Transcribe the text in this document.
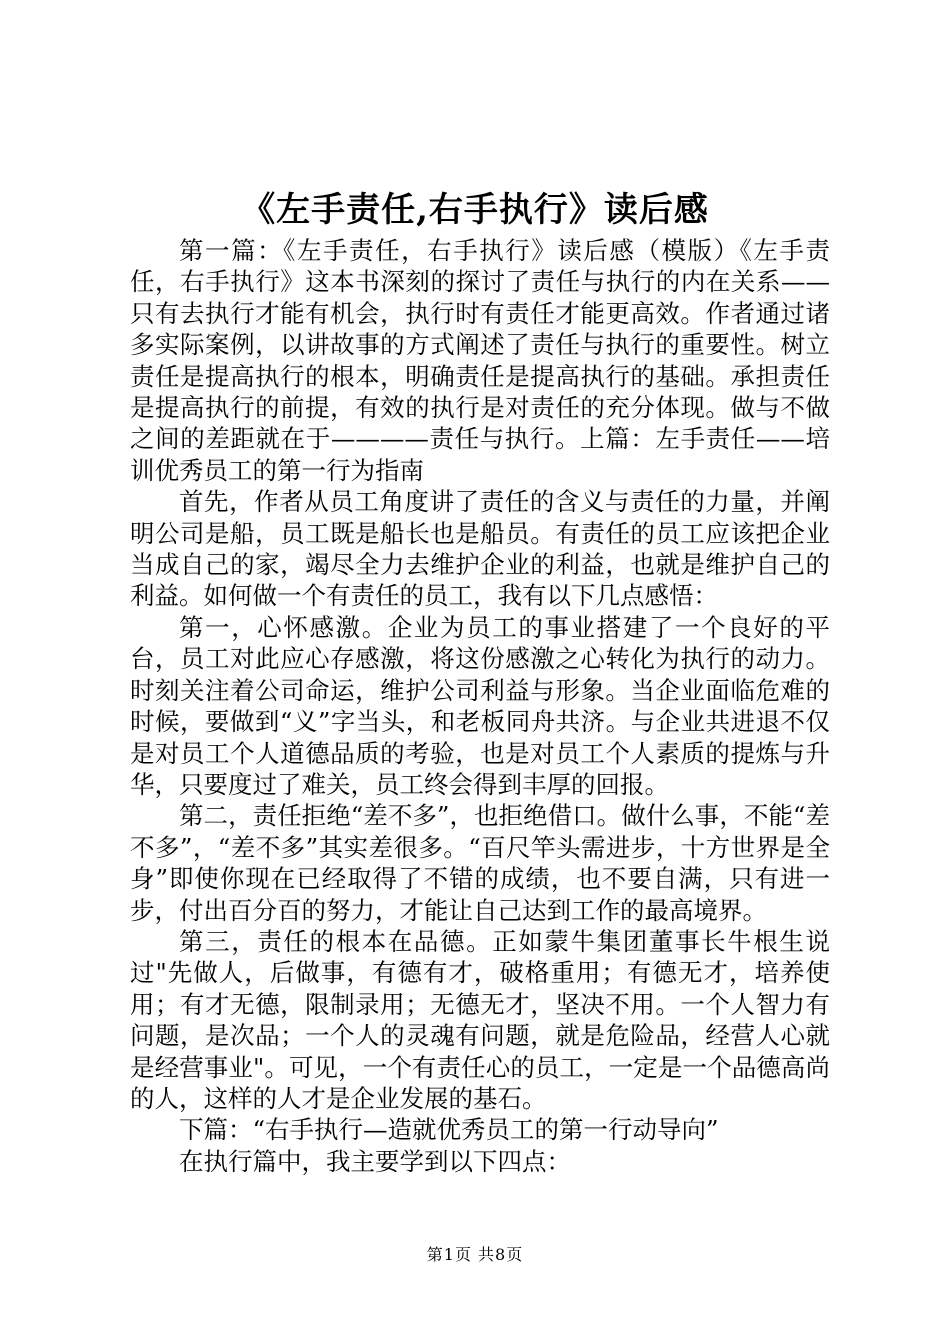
《左手责任,右手执行》读后感

第一篇：《左手责任，右手执行》读后感（模版）《左手责任，右手执行》这本书深刻的探讨了责任与执行的内在关系——只有去执行才能有机会，执行时有责任才能更高效。作者通过诸多实际案例，以讲故事的方式阐述了责任与执行的重要性。树立责任是提高执行的根本，明确责任是提高执行的基础。承担责任是提高执行的前提，有效的执行是对责任的充分体现。做与不做之间的差距就在于————责任与执行。上篇：左手责任——培训优秀员工的第一行为指南

首先，作者从员工角度讲了责任的含义与责任的力量，并阐明公司是船，员工既是船长也是船员。有责任的员工应该把企业当成自己的家，竭尽全力去维护企业的利益，也就是维护自己的利益。如何做一个有责任的员工，我有以下几点感悟：

第一，心怀感激。企业为员工的事业搭建了一个良好的平台，员工对此应心存感激，将这份感激之心转化为执行的动力。时刻关注着公司命运，维护公司利益与形象。当企业面临危难的时候，要做到“义”字当头，和老板同舟共济。与企业共进退不仅是对员工个人道德品质的考验，也是对员工个人素质的提炼与升华，只要度过了难关，员工终会得到丰厚的回报。

第二，责任拒绝“差不多”，也拒绝借口。做什么事，不能“差不多”，“差不多”其实差很多。“百尺竿头需进步，十方世界是全身”即使你现在已经取得了不错的成绩，也不要自满，只有进一步，付出百分百的努力，才能让自己达到工作的最高境界。

第三，责任的根本在品德。正如蒙牛集团董事长牛根生说过"先做人，后做事，有德有才，破格重用；有德无才，培养使用；有才无德，限制录用；无德无才，坚决不用。一个人智力有问题，是次品；一个人的灵魂有问题，就是危险品，经营人心就是经营事业"。可见，一个有责任心的员工，一定是一个品德高尚的人，这样的人才是企业发展的基石。

下篇：“右手执行—造就优秀员工的第一行动导向”

在执行篇中，我主要学到以下四点：

第1页 共8页
